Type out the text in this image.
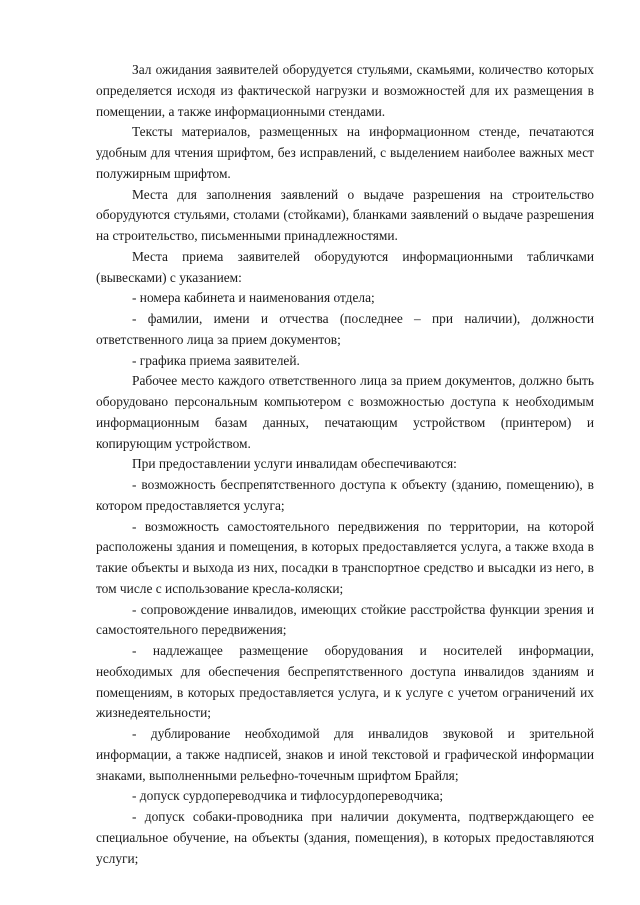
Зал ожидания заявителей оборудуется стульями, скамьями, количество которых определяется исходя из фактической нагрузки и возможностей для их размещения в помещении, а также информационными стендами.

Тексты материалов, размещенных на информационном стенде, печатаются удобным для чтения шрифтом, без исправлений, с выделением наиболее важных мест полужирным шрифтом.

Места для заполнения заявлений о выдаче разрешения на строительство оборудуются стульями, столами (стойками), бланками заявлений о выдаче разрешения на строительство, письменными принадлежностями.

Места приема заявителей оборудуются информационными табличками (вывесками) с указанием:

- номера кабинета и наименования отдела;

- фамилии, имени и отчества (последнее – при наличии), должности ответственного лица за прием документов;

- графика приема заявителей.

Рабочее место каждого ответственного лица за прием документов, должно быть оборудовано персональным компьютером с возможностью доступа к необходимым информационным базам данных, печатающим устройством (принтером) и копирующим устройством.

При предоставлении услуги инвалидам обеспечиваются:

- возможность беспрепятственного доступа к объекту (зданию, помещению), в котором предоставляется услуга;

- возможность самостоятельного передвижения по территории, на которой расположены здания и помещения, в которых предоставляется услуга, а также входа в такие объекты и выхода из них, посадки в транспортное средство и высадки из него, в том числе с использование кресла-коляски;

- сопровождение инвалидов, имеющих стойкие расстройства функции зрения и самостоятельного передвижения;

- надлежащее размещение оборудования и носителей информации, необходимых для обеспечения беспрепятственного доступа инвалидов зданиям и помещениям, в которых предоставляется услуга, и к услуге с учетом ограничений их жизнедеятельности;

- дублирование необходимой для инвалидов звуковой и зрительной информации, а также надписей, знаков и иной текстовой и графической информации знаками, выполненными рельефно-точечным шрифтом Брайля;

- допуск сурдопереводчика и тифлосурдопереводчика;

- допуск собаки-проводника при наличии документа, подтверждающего ее специальное обучение, на объекты (здания, помещения), в которых предоставляются услуги;
